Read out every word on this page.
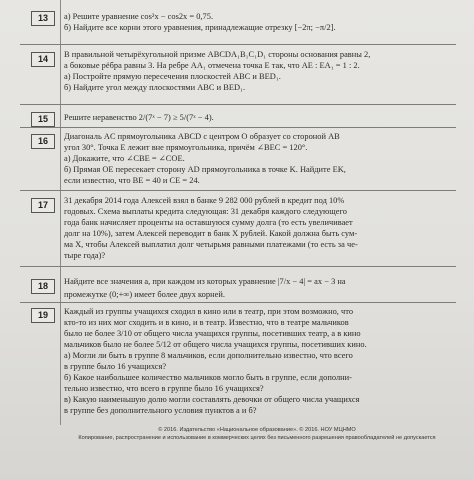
13	а) Решите уравнение cos²x − cos2x = 0,75.
б) Найдите все корни этого уравнения, принадлежащие отрезку [−2π; −π/2].
14	В правильной четырёхугольной призме ABCDA₁B₁C₁D₁ стороны основания равны 2,
а боковые рёбра равны 3. На ребре AA₁ отмечена точка E так, что AE : EA₁ = 1 : 2.
а) Постройте прямую пересечения плоскостей ABC и BED₁.
б) Найдите угол между плоскостями ABC и BED₁.
15	Решите неравенство 2/(7ˣ − 7) ≥ 5/(7ˣ − 4).
16	Диагональ AC прямоугольника ABCD с центром O образует со стороной AB
угол 30°. Точка E лежит вне прямоугольника, причём ∠BEC = 120°.
а) Докажите, что ∠CBE = ∠COE.
б) Прямая OE пересекает сторону AD прямоугольника в точке K. Найдите EK,
если известно, что BE = 40 и CE = 24.
17	31 декабря 2014 года Алексей взял в банке 9 282 000 рублей в кредит под 10%
годовых. Схема выплаты кредита следующая: 31 декабря каждого следующего
года банк начисляет проценты на оставшуюся сумму долга (то есть увеличивает
долг на 10%), затем Алексей переводит в банк X рублей. Какой должна быть сум-
ма X, чтобы Алексей выплатил долг четырьмя равными платежами (то есть за че-
тыре года)?
18	Найдите все значения a, при каждом из которых уравнение |7/x − 4| = ax − 3 на
промежутке (0;+∞) имеет более двух корней.
19	Каждый из группы учащихся сходил в кино или в театр, при этом возможно, что
кто-то из них мог сходить и в кино, и в театр. Известно, что в театре мальчиков
было не более 3/10 от общего числа учащихся группы, посетивших театр, а в кино
мальчиков было не более 5/12 от общего числа учащихся группы, посетивших кино.
а) Могли ли быть в группе 8 мальчиков, если дополнительно известно, что всего
в группе было 16 учащихся?
б) Какое наибольшее количество мальчиков могло быть в группе, если дополни-
тельно известно, что всего в группе было 16 учащихся?
в) Какую наименьшую долю могли составлять девочки от общего числа учащихся
в группе без дополнительного условия пунктов а и б?
© 2016. Издательство «Национальное образование». © 2016. НОУ МЦНМО
Копирование, распространение и использование в коммерческих целях без письменного разрешения правообладателей не допускается
